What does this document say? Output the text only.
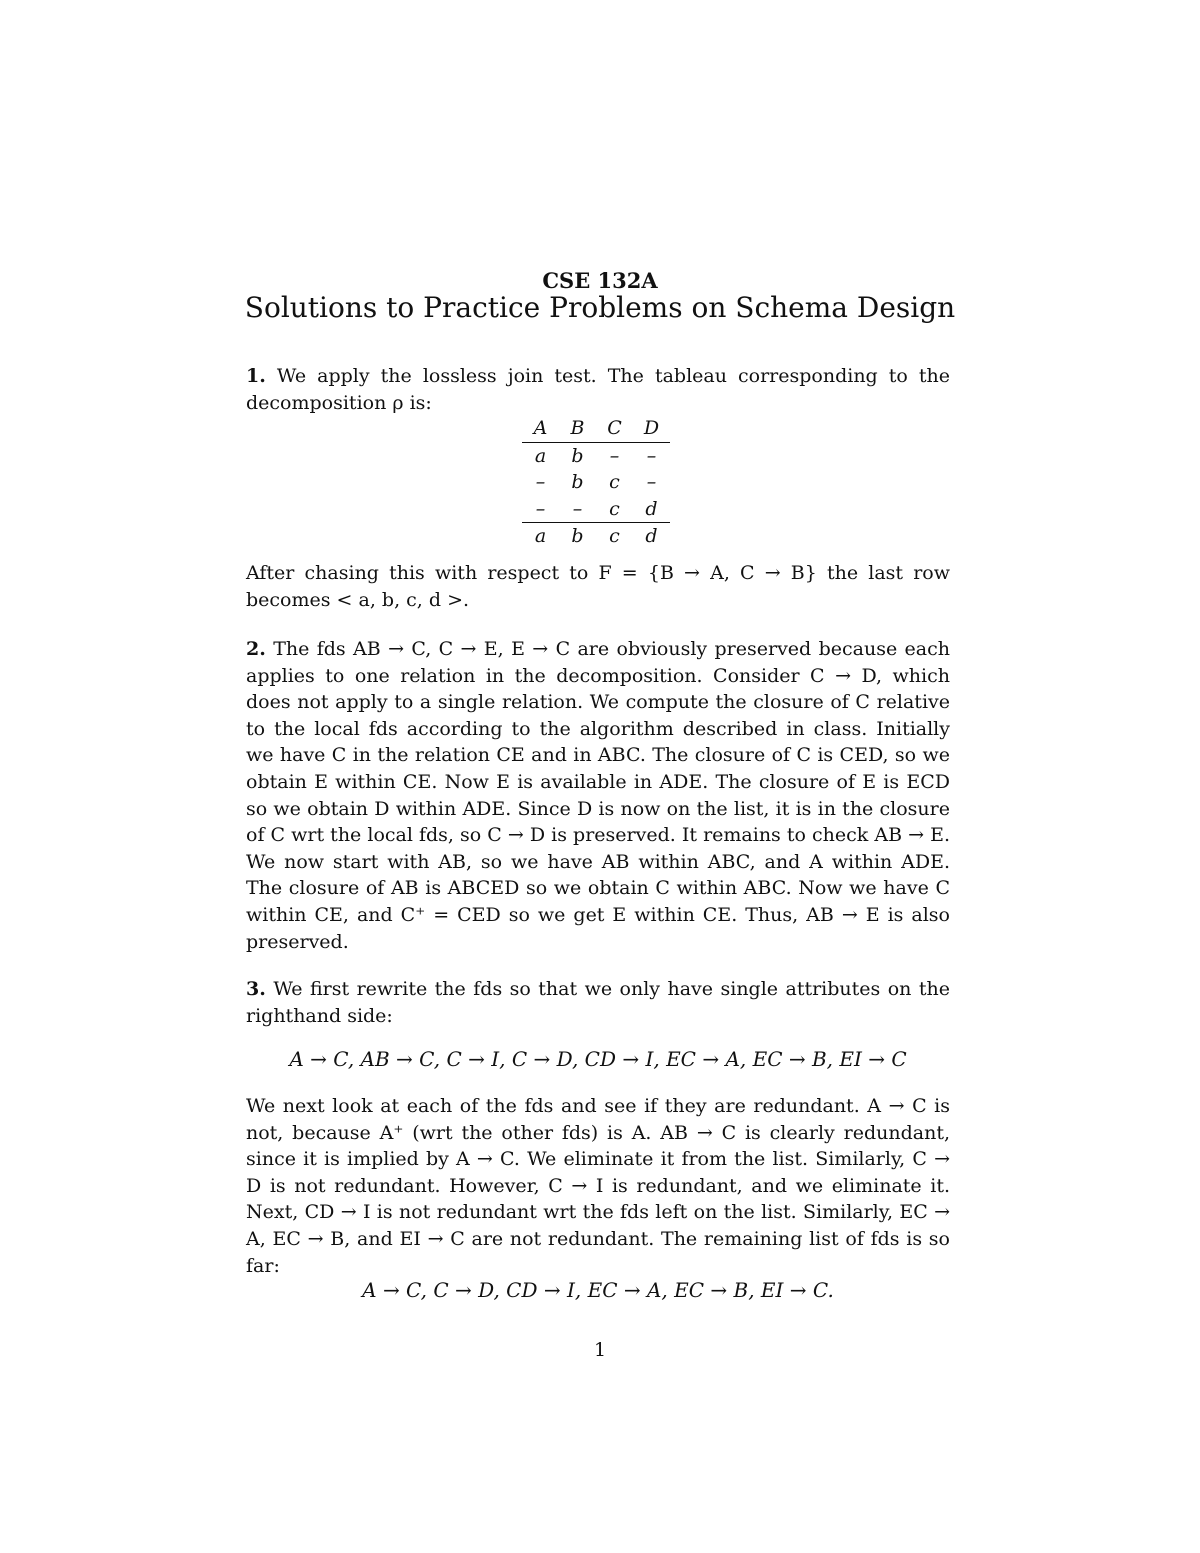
CSE 132A
Solutions to Practice Problems on Schema Design

1. We apply the lossless join test. The tableau corresponding to the decomposition ρ is:

A	B	C	D
a	b	–	–
–	b	c	–
–	–	c	d
a	b	c	d

After chasing this with respect to F = {B → A, C → B} the last row becomes < a, b, c, d >.

2. The fds AB → C, C → E, E → C are obviously preserved because each applies to one relation in the decomposition. Consider C → D, which does not apply to a single relation. We compute the closure of C relative to the local fds according to the algorithm described in class. Initially we have C in the relation CE and in ABC. The closure of C is CED, so we obtain E within CE. Now E is available in ADE. The closure of E is ECD so we obtain D within ADE. Since D is now on the list, it is in the closure of C wrt the local fds, so C → D is preserved. It remains to check AB → E. We now start with AB, so we have AB within ABC, and A within ADE. The closure of AB is ABCED so we obtain C within ABC. Now we have C within CE, and C⁺ = CED so we get E within CE. Thus, AB → E is also preserved.

3. We first rewrite the fds so that we only have single attributes on the righthand side:

A → C, AB → C, C → I, C → D, CD → I, EC → A, EC → B, EI → C

We next look at each of the fds and see if they are redundant. A → C is not, because A⁺ (wrt the other fds) is A. AB → C is clearly redundant, since it is implied by A → C. We eliminate it from the list. Similarly, C → D is not redundant. However, C → I is redundant, and we eliminate it. Next, CD → I is not redundant wrt the fds left on the list. Similarly, EC → A, EC → B, and EI → C are not redundant. The remaining list of fds is so far:

A → C, C → D, CD → I, EC → A, EC → B, EI → C.
1
